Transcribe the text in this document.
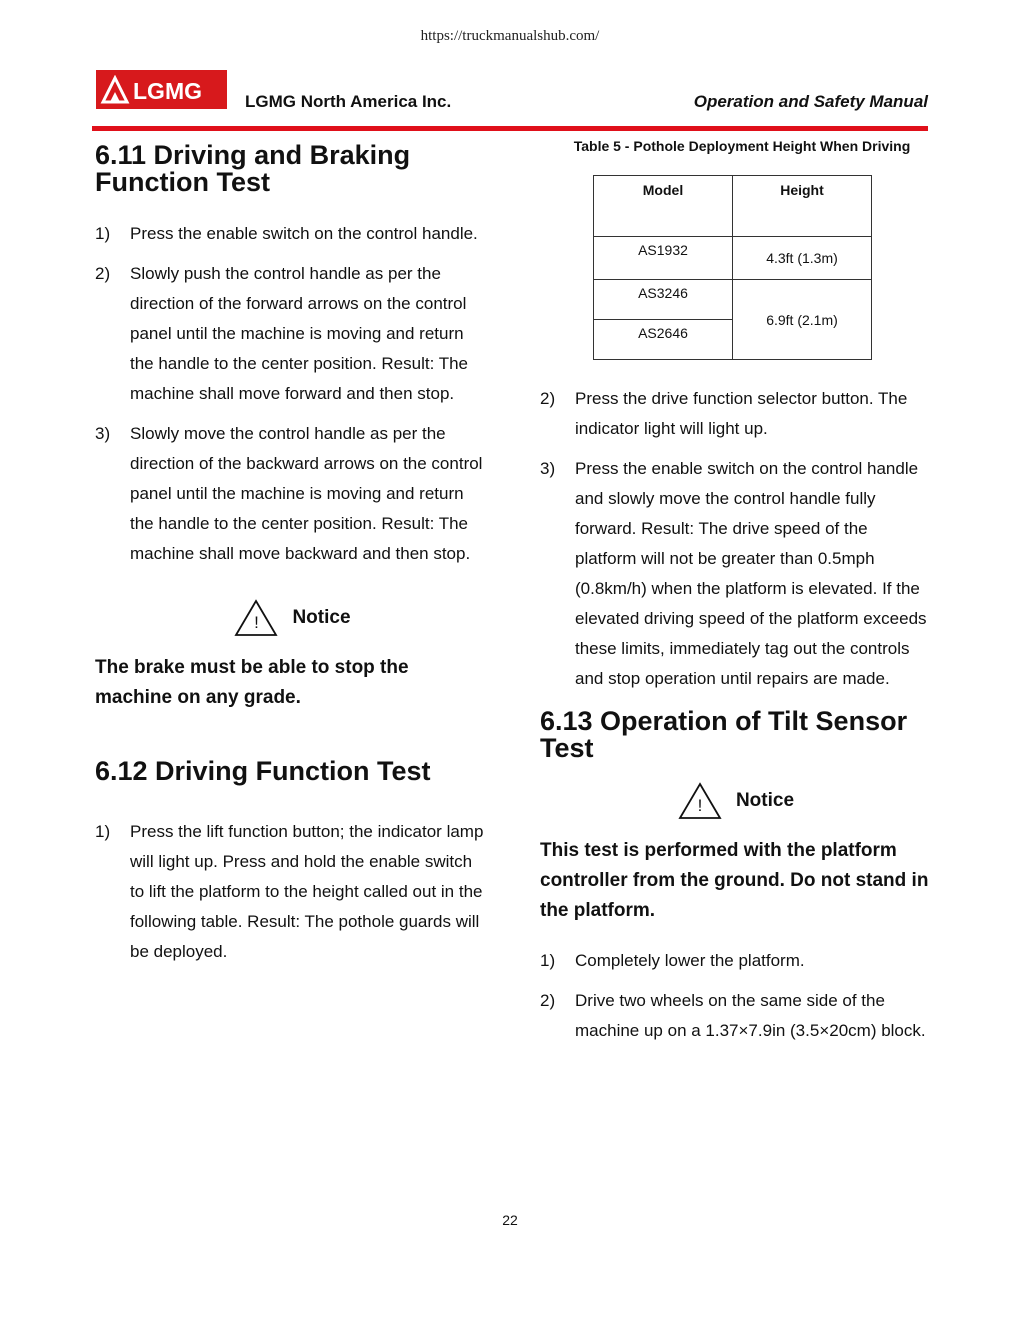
https://truckmanualshub.com/
LGMG	LGMG North America Inc.	Operation and Safety Manual
6.11 Driving and Braking Function Test
1) Press the enable switch on the control handle.
2) Slowly push the control handle as per the direction of the forward arrows on the control panel until the machine is moving and return the handle to the center position. Result: The machine shall move forward and then stop.
3) Slowly move the control handle as per the direction of the backward arrows on the control panel until the machine is moving and return the handle to the center position. Result: The machine shall move backward and then stop.
!	Notice
The brake must be able to stop the machine on any grade.
6.12 Driving Function Test
1) Press the lift function button; the indicator lamp will light up. Press and hold the enable switch to lift the platform to the height called out in the following table. Result: The pothole guards will be deployed.
Table 5 - Pothole Deployment Height When Driving
Model	Height
AS1932	4.3ft (1.3m)
AS3246	6.9ft (2.1m)
AS2646	
2) Press the drive function selector button. The indicator light will light up.
3) Press the enable switch on the control handle and slowly move the control handle fully forward. Result: The drive speed of the platform will not be greater than 0.5mph (0.8km/h) when the platform is elevated. If the elevated driving speed of the platform exceeds these limits, immediately tag out the controls and stop operation until repairs are made.
6.13 Operation of Tilt Sensor Test
!	Notice
This test is performed with the platform controller from the ground. Do not stand in the platform.
1) Completely lower the platform.
2) Drive two wheels on the same side of the machine up on a 1.37×7.9in (3.5×20cm) block.
22
